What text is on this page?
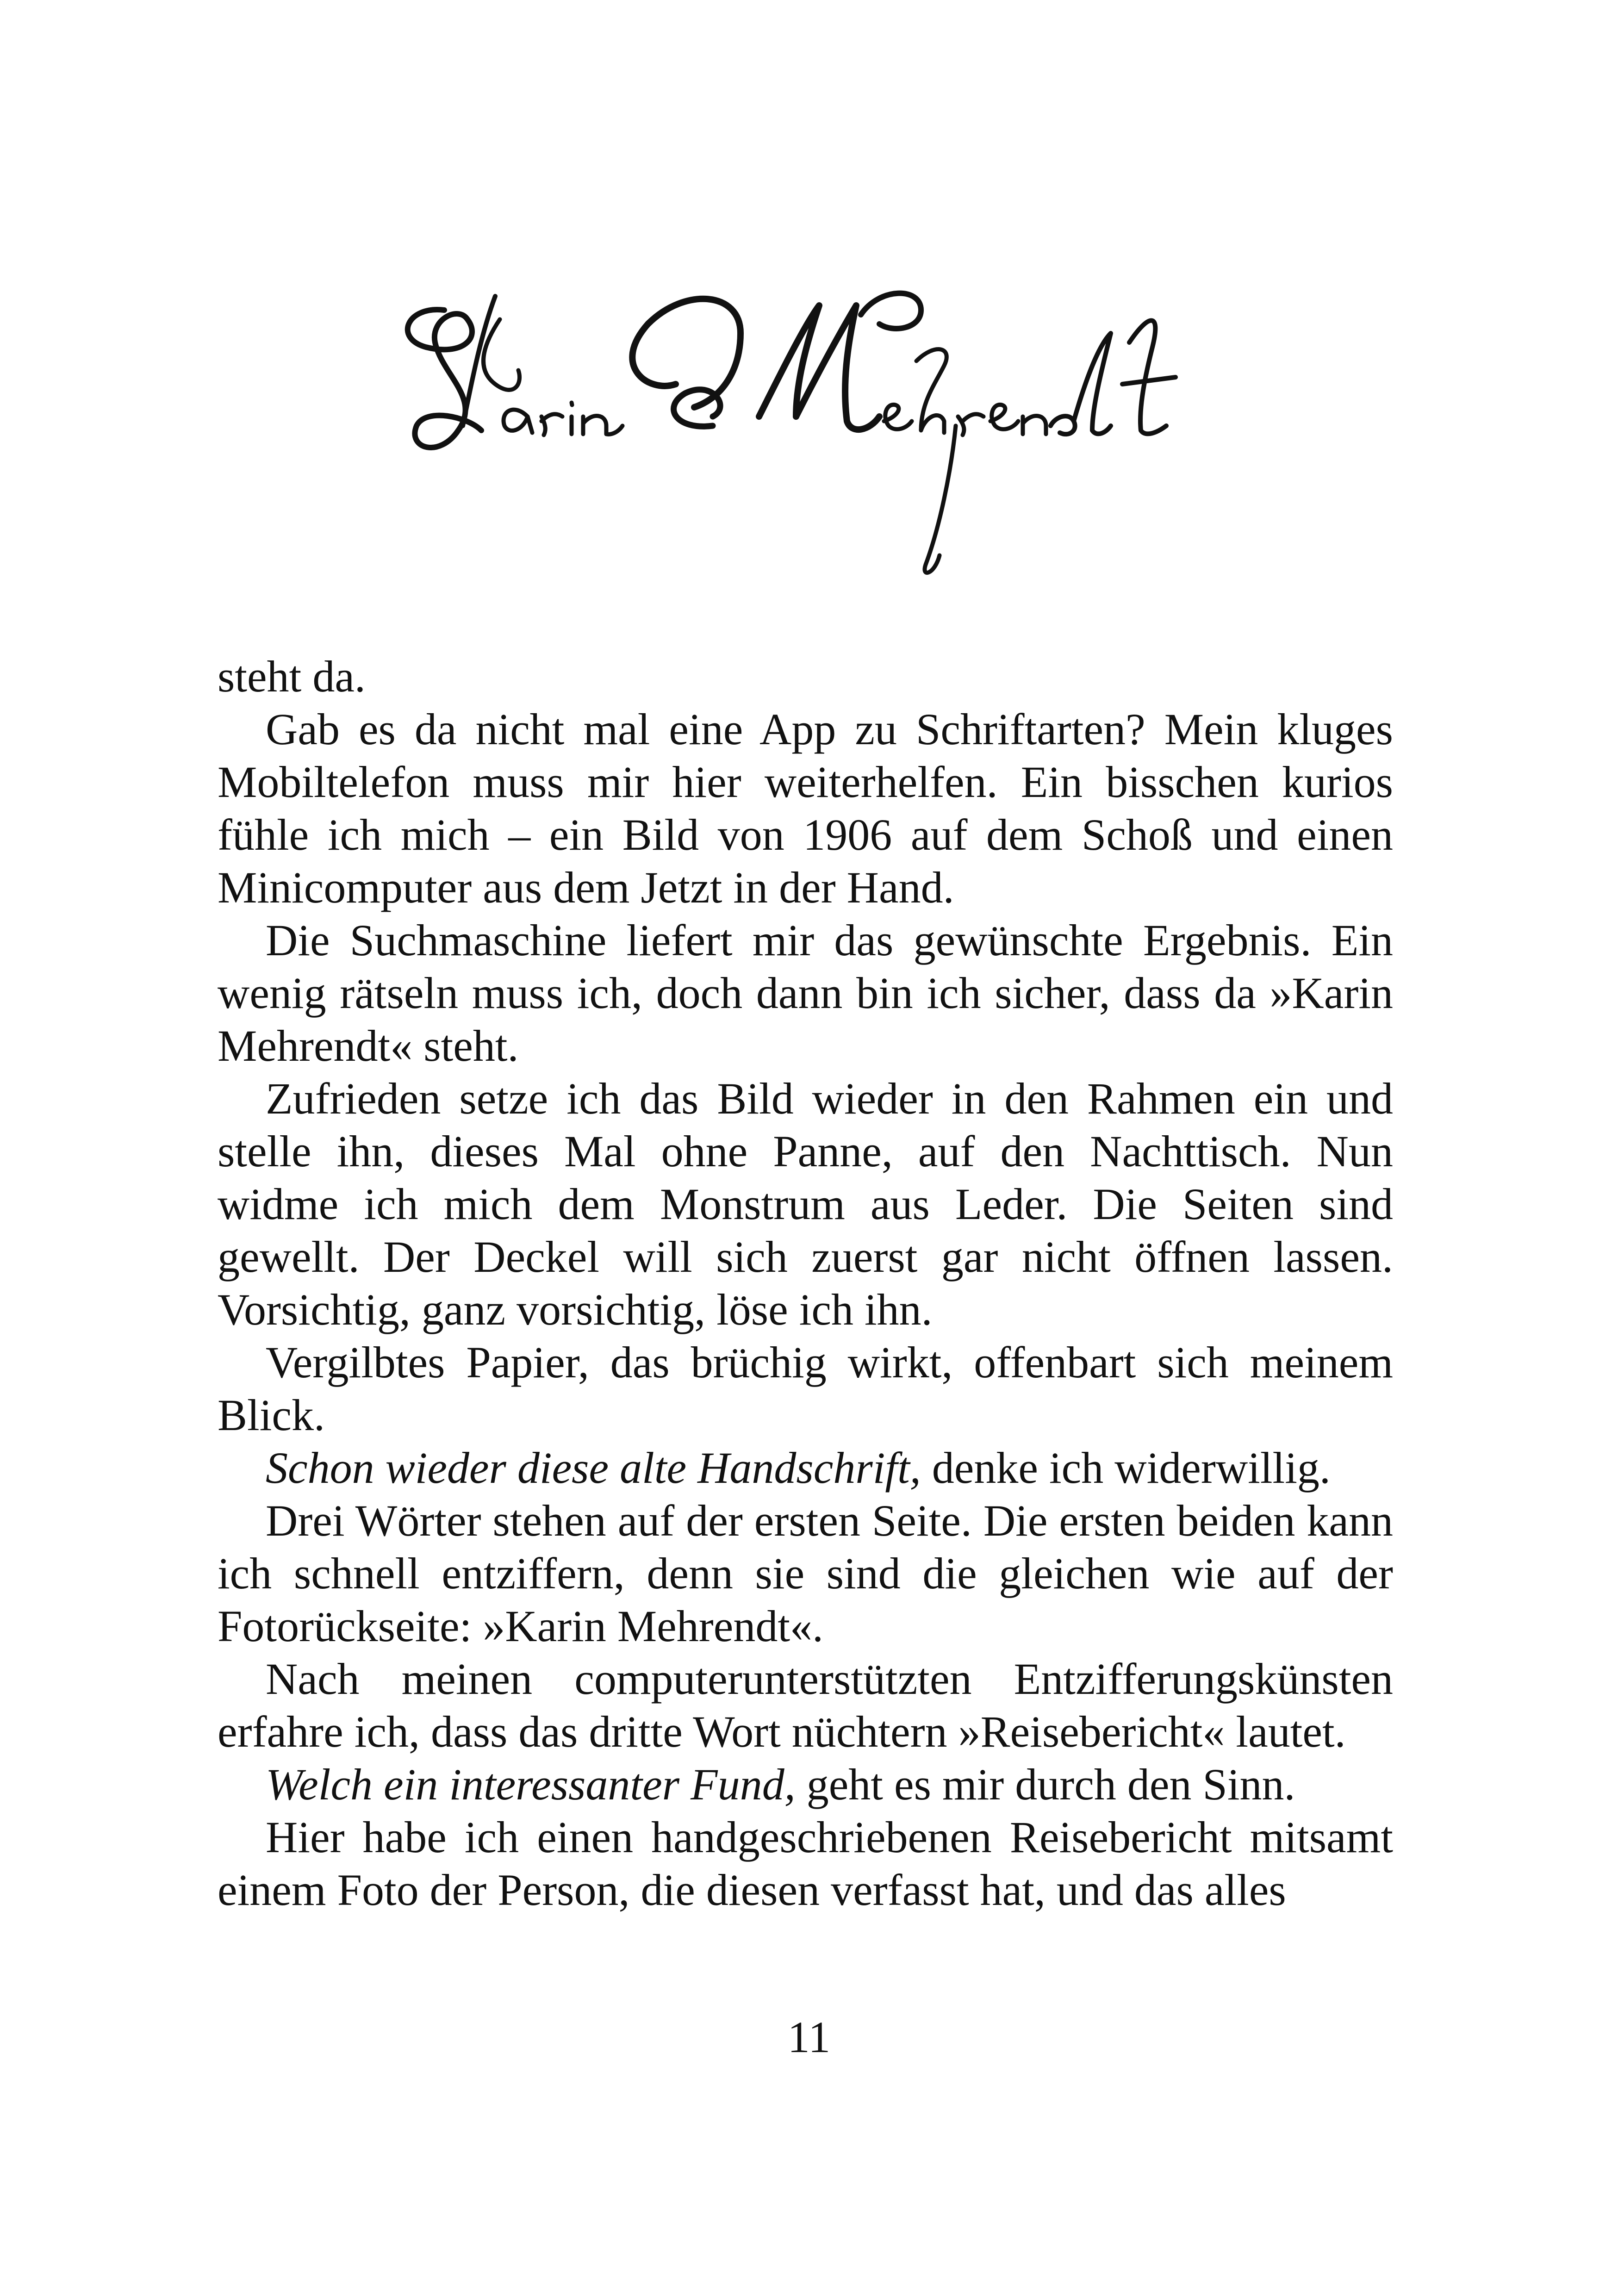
steht da.

Gab es da nicht mal eine App zu Schriftarten? Mein kluges Mobiltelefon muss mir hier weiterhelfen. Ein bisschen kurios fühle ich mich – ein Bild von 1906 auf dem Schoß und einen Minicomputer aus dem Jetzt in der Hand.

Die Suchmaschine liefert mir das gewünschte Ergebnis. Ein wenig rätseln muss ich, doch dann bin ich sicher, dass da »Karin Mehrendt« steht.

Zufrieden setze ich das Bild wieder in den Rahmen ein und stelle ihn, dieses Mal ohne Panne, auf den Nachttisch. Nun widme ich mich dem Monstrum aus Leder. Die Seiten sind gewellt. Der Deckel will sich zuerst gar nicht öffnen lassen. Vorsichtig, ganz vorsichtig, löse ich ihn.

Vergilbtes Papier, das brüchig wirkt, offenbart sich meinem Blick.

Schon wieder diese alte Handschrift, denke ich widerwillig.

Drei Wörter stehen auf der ersten Seite. Die ersten beiden kann ich schnell entziffern, denn sie sind die gleichen wie auf der Fotorückseite: »Karin Mehrendt«.

Nach meinen computerunterstützten Entzifferungskünsten erfahre ich, dass das dritte Wort nüchtern »Reisebericht« lautet.

Welch ein interessanter Fund, geht es mir durch den Sinn.

Hier habe ich einen handgeschriebenen Reisebericht mitsamt einem Foto der Person, die diesen verfasst hat, und das alles

11
